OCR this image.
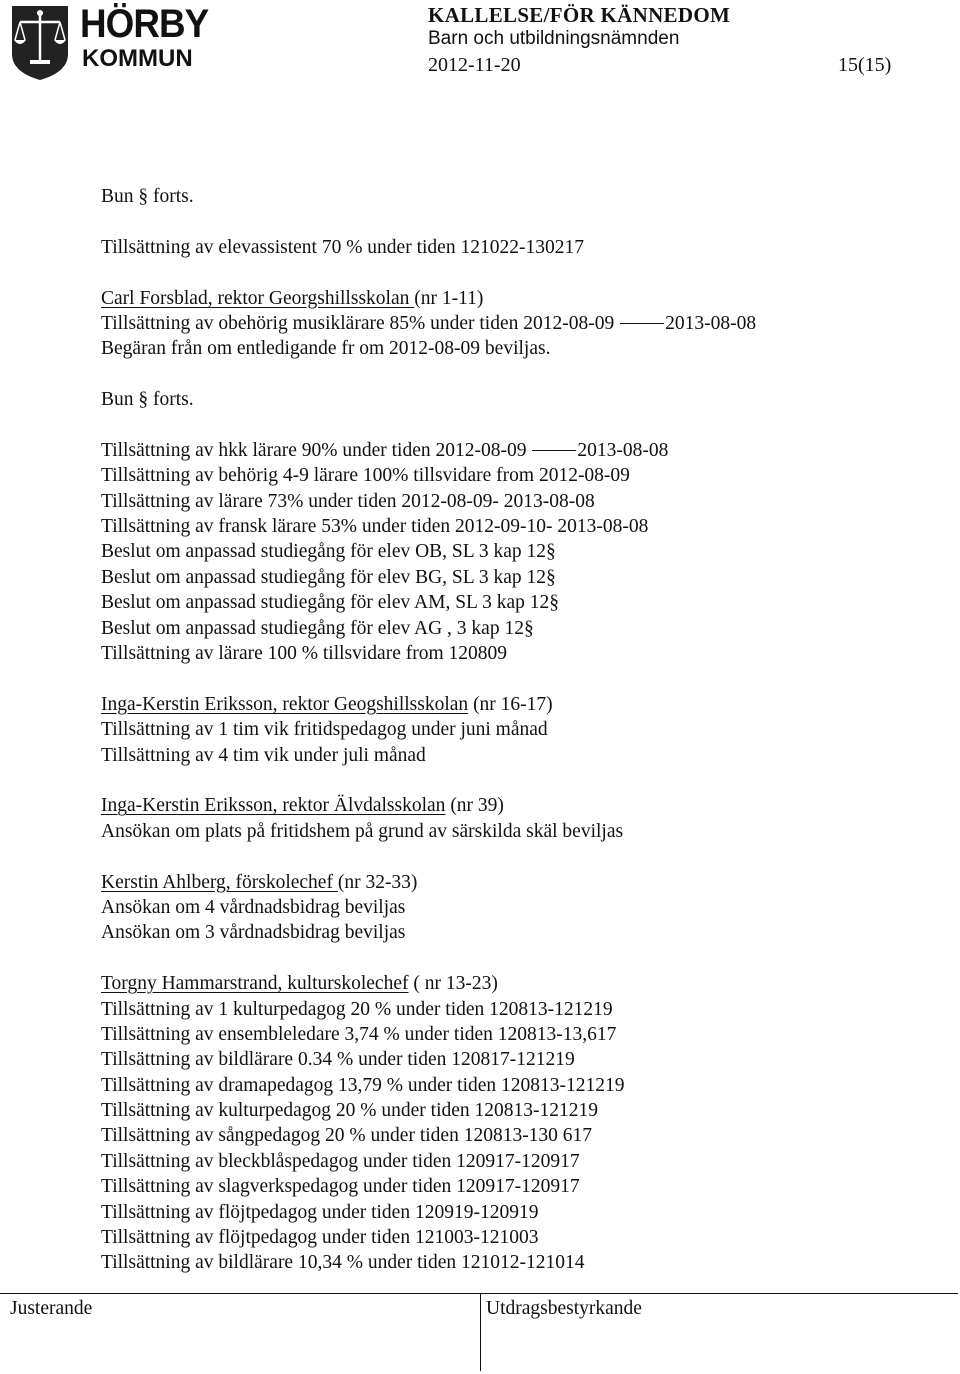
HÖRBY
KOMMUN
KALLELSE/FÖR KÄNNEDOM
Barn och utbildningsnämnden
2012-11-20	15(15)
Bun § forts.
Tillsättning av elevassistent 70 % under tiden 121022-130217
Carl Forsblad, rektor Georgshillsskolan (nr 1-11)
Tillsättning av obehörig musiklärare 85% under tiden 2012-08-09	2013-08-08
Begäran från om entledigande fr om 2012-08-09 beviljas.
Bun § forts.
Tillsättning av hkk lärare 90% under tiden 2012-08-09	2013-08-08
Tillsättning av behörig 4-9 lärare 100% tillsvidare from 2012-08-09
Tillsättning av lärare 73% under tiden 2012-08-09- 2013-08-08
Tillsättning av fransk lärare 53% under tiden 2012-09-10- 2013-08-08
Beslut om anpassad studiegång för elev OB, SL 3 kap 12§
Beslut om anpassad studiegång för elev BG, SL 3 kap 12§
Beslut om anpassad studiegång för elev AM, SL 3 kap 12§
Beslut om anpassad studiegång för elev AG , 3 kap 12§
Tillsättning av lärare 100 % tillsvidare from 120809
Inga-Kerstin Eriksson, rektor Geogshillsskolan (nr 16-17)
Tillsättning av 1 tim vik fritidspedagog under juni månad
Tillsättning av 4 tim vik under juli månad
Inga-Kerstin Eriksson, rektor Älvdalsskolan (nr 39)
Ansökan om plats på fritidshem på grund av särskilda skäl beviljas
Kerstin Ahlberg, förskolechef (nr 32-33)
Ansökan om 4 vårdnadsbidrag beviljas
Ansökan om 3 vårdnadsbidrag beviljas
Torgny Hammarstrand, kulturskolechef ( nr 13-23)
Tillsättning av 1 kulturpedagog 20 % under tiden 120813-121219
Tillsättning av ensembleledare 3,74 % under tiden 120813-13,617
Tillsättning av bildlärare 0.34 % under tiden 120817-121219
Tillsättning av dramapedagog 13,79 % under tiden 120813-121219
Tillsättning av kulturpedagog 20 % under tiden 120813-121219
Tillsättning av sångpedagog 20 % under tiden 120813-130 617
Tillsättning av bleckblåspedagog under tiden 120917-120917
Tillsättning av slagverkspedagog under tiden 120917-120917
Tillsättning av flöjtpedagog under tiden 120919-120919
Tillsättning av flöjtpedagog under tiden 121003-121003
Tillsättning av bildlärare 10,34 % under tiden 121012-121014
Justerande	Utdragsbestyrkande
